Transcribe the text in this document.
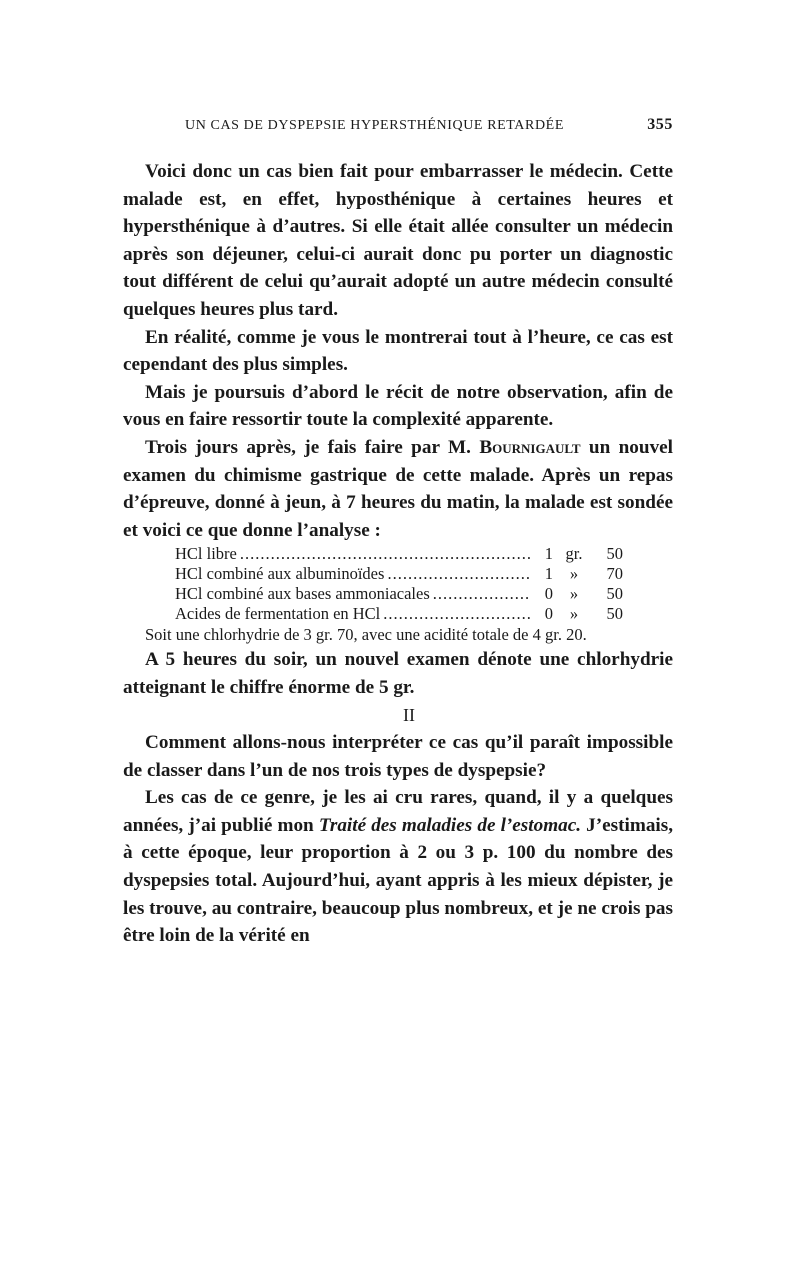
UN CAS DE DYSPEPSIE HYPERSTHÉNIQUE RETARDÉE	355

Voici donc un cas bien fait pour embarrasser le médecin. Cette malade est, en effet, hyposthénique à certaines heures et hypersthénique à d’autres. Si elle était allée consulter un médecin après son déjeuner, celui-ci aurait donc pu porter un diagnostic tout différent de celui qu’aurait adopté un autre médecin consulté quelques heures plus tard.

En réalité, comme je vous le montrerai tout à l’heure, ce cas est cependant des plus simples.

Mais je poursuis d’abord le récit de notre observation, afin de vous en faire ressortir toute la complexité apparente.

Trois jours après, je fais faire par M. Bournigault un nouvel examen du chimisme gastrique de cette malade. Après un repas d’épreuve, donné à jeun, à 7 heures du matin, la malade est sondée et voici ce que donne l’analyse :

HCl libre .....	1 gr.	50
HCl combiné aux albuminoïdes .....	1	»	70
HCl combiné aux bases ammoniacales .....	0	»	50
Acides de fermentation en HCl .....	0	»	50

Soit une chlorhydrie de 3 gr. 70, avec une acidité totale de 4 gr. 20.

A 5 heures du soir, un nouvel examen dénote une chlorhydrie atteignant le chiffre énorme de 5 gr.

II

Comment allons-nous interpréter ce cas qu’il paraît impossible de classer dans l’un de nos trois types de dyspepsie?

Les cas de ce genre, je les ai cru rares, quand, il y a quelques années, j’ai publié mon Traité des maladies de l’estomac. J’estimais, à cette époque, leur proportion à 2 ou 3 p. 100 du nombre des dyspepsies total. Aujourd’hui, ayant appris à les mieux dépister, je les trouve, au contraire, beaucoup plus nombreux, et je ne crois pas être loin de la vérité en
